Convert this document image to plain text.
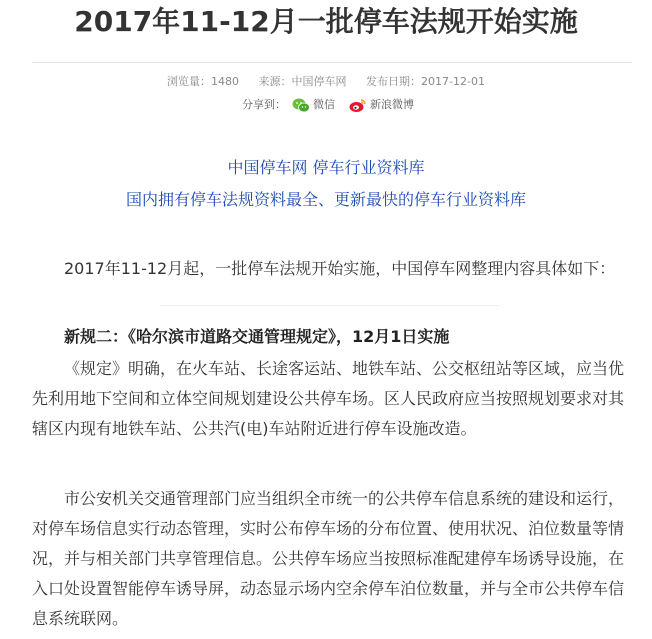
2017年11-12月一批停车法规开始实施
浏览量：1480 来源：中国停车网 发布日期：2017-12-01
分享到： 微信	新浪微博
中国停车网 停车行业资料库
国内拥有停车法规资料最全、更新最快的停车行业资料库
2017年11-12月起，一批停车法规开始实施，中国停车网整理内容具体如下：
新规二：《哈尔滨市道路交通管理规定》，12月1日实施
《规定》明确，在火车站、长途客运站、地铁车站、公交枢纽站等区域，应当优先利用地下空间和立体空间规划建设公共停车场。区人民政府应当按照规划要求对其辖区内现有地铁车站、公共汽(电)车站附近进行停车设施改造。
市公安机关交通管理部门应当组织全市统一的公共停车信息系统的建设和运行，对停车场信息实行动态管理，实时公布停车场的分布位置、使用状况、泊位数量等情况，并与相关部门共享管理信息。公共停车场应当按照标准配建停车场诱导设施，在入口处设置智能停车诱导屏，动态显示场内空余停车泊位数量，并与全市公共停车信息系统联网。
